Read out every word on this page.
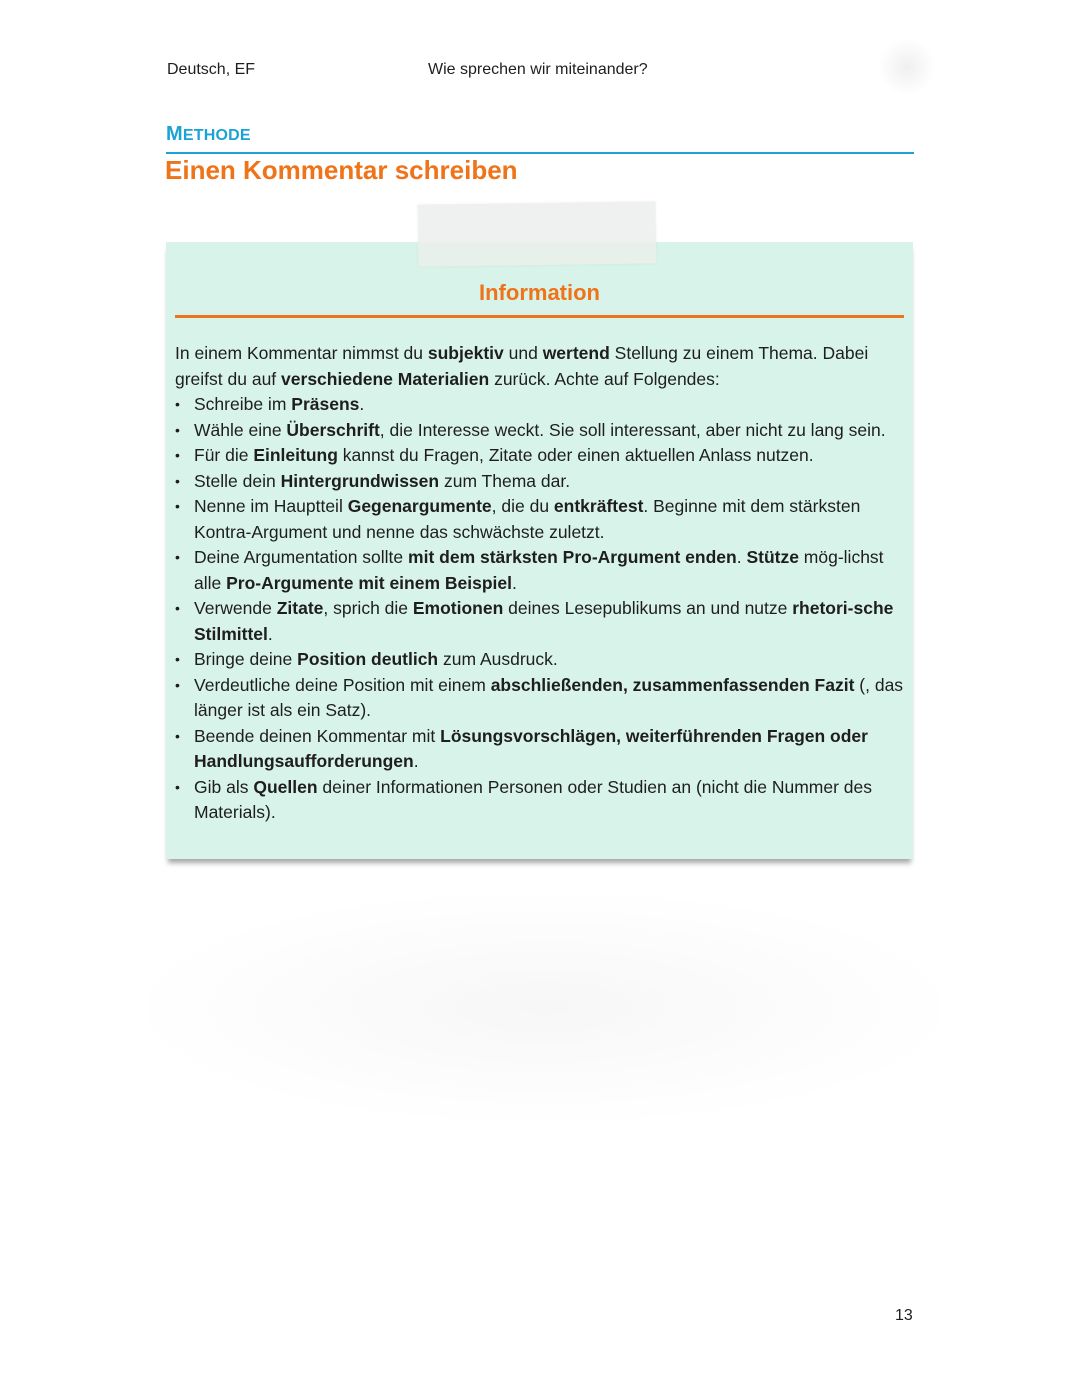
Deutsch, EF	Wie sprechen wir miteinander?
METHODE
Einen Kommentar schreiben
Information

In einem Kommentar nimmst du subjektiv und wertend Stellung zu einem Thema. Dabei greifst du auf verschiedene Materialien zurück. Achte auf Folgendes:

• Schreibe im Präsens.
• Wähle eine Überschrift, die Interesse weckt. Sie soll interessant, aber nicht zu lang sein.
• Für die Einleitung kannst du Fragen, Zitate oder einen aktuellen Anlass nutzen.
• Stelle dein Hintergrundwissen zum Thema dar.
• Nenne im Hauptteil Gegenargumente, die du entkräftest. Beginne mit dem stärksten Kontra-Argument und nenne das schwächste zuletzt.
• Deine Argumentation sollte mit dem stärksten Pro-Argument enden. Stütze mög-lichst alle Pro-Argumente mit einem Beispiel.
• Verwende Zitate, sprich die Emotionen deines Lesepublikums an und nutze rhetori-sche Stilmittel.
• Bringe deine Position deutlich zum Ausdruck.
• Verdeutliche deine Position mit einem abschließenden, zusammenfassenden Fazit (, das länger ist als ein Satz).
• Beende deinen Kommentar mit Lösungsvorschlägen, weiterführenden Fragen oder Handlungsaufforderungen.
• Gib als Quellen deiner Informationen Personen oder Studien an (nicht die Nummer des Materials).
13
